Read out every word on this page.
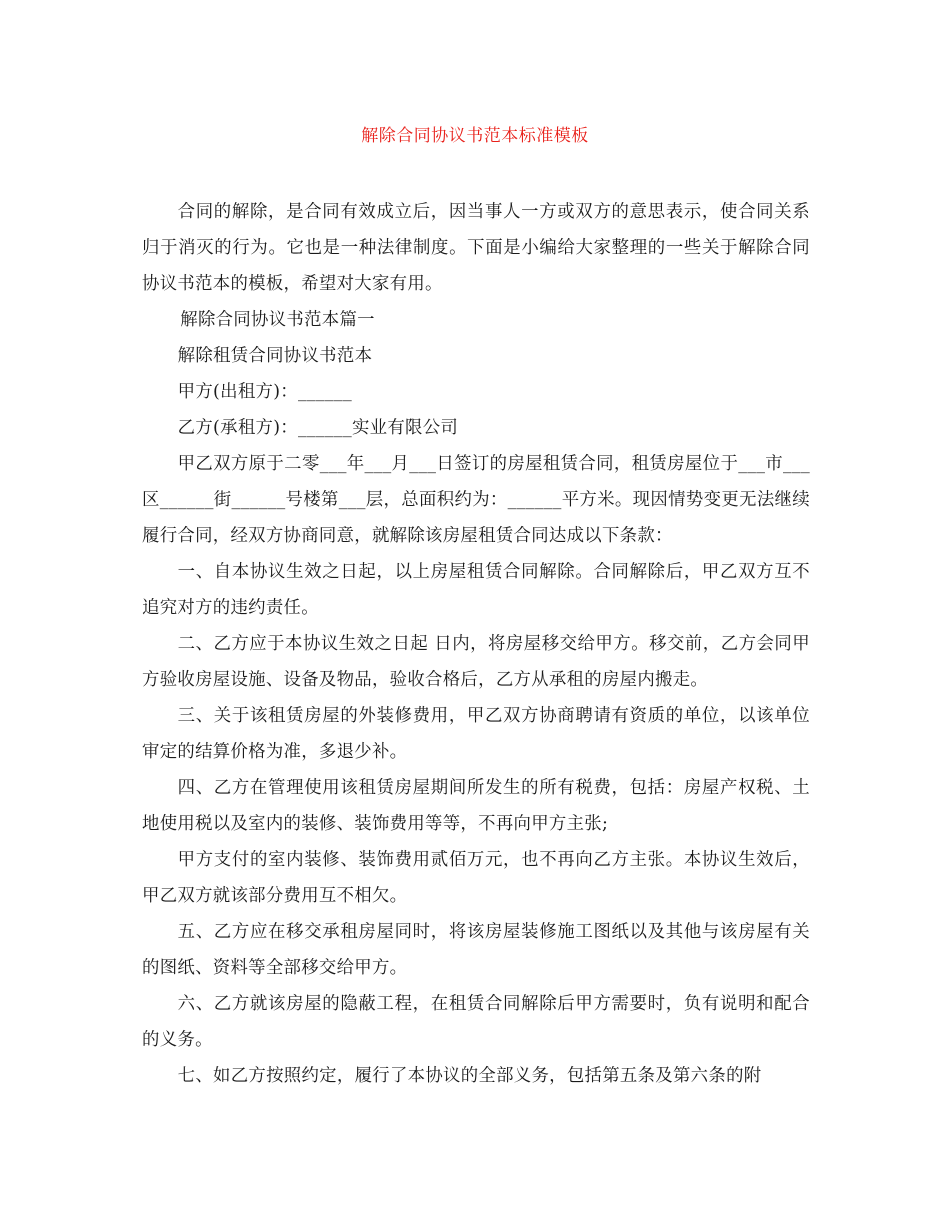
解除合同协议书范本标准模板

合同的解除，是合同有效成立后，因当事人一方或双方的意思表示，使合同关系归于消灭的行为。它也是一种法律制度。下面是小编给大家整理的一些关于解除合同协议书范本的模板，希望对大家有用。

解除合同协议书范本篇一

解除租赁合同协议书范本

甲方(出租方)：______

乙方(承租方)：______实业有限公司

甲乙双方原于二零___年___月___日签订的房屋租赁合同，租赁房屋位于___市___区______街______号楼第___层，总面积约为：______平方米。现因情势变更无法继续履行合同，经双方协商同意，就解除该房屋租赁合同达成以下条款：

一、自本协议生效之日起，以上房屋租赁合同解除。合同解除后，甲乙双方互不追究对方的违约责任。

二、乙方应于本协议生效之日起 日内，将房屋移交给甲方。移交前，乙方会同甲方验收房屋设施、设备及物品，验收合格后，乙方从承租的房屋内搬走。

三、关于该租赁房屋的外装修费用，甲乙双方协商聘请有资质的单位，以该单位审定的结算价格为准，多退少补。

四、乙方在管理使用该租赁房屋期间所发生的所有税费，包括：房屋产权税、土地使用税以及室内的装修、装饰费用等等，不再向甲方主张;

甲方支付的室内装修、装饰费用贰佰万元，也不再向乙方主张。本协议生效后，甲乙双方就该部分费用互不相欠。

五、乙方应在移交承租房屋同时，将该房屋装修施工图纸以及其他与该房屋有关的图纸、资料等全部移交给甲方。

六、乙方就该房屋的隐蔽工程，在租赁合同解除后甲方需要时，负有说明和配合的义务。

七、如乙方按照约定，履行了本协议的全部义务，包括第五条及第六条的附
